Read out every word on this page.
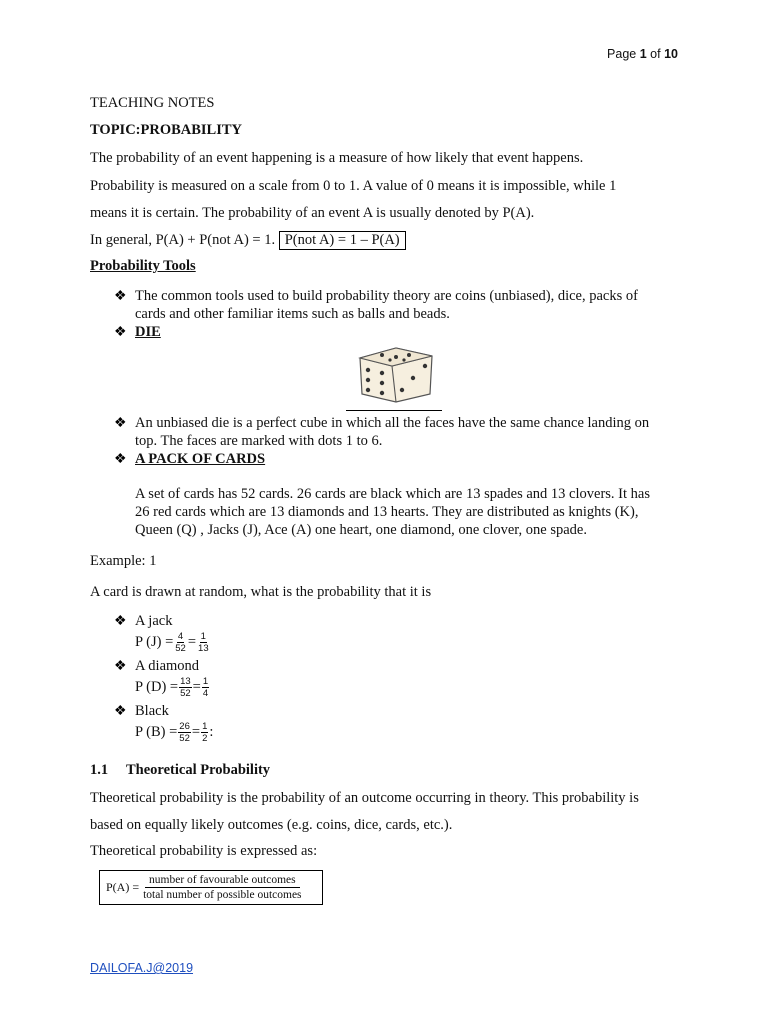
Page 1 of 10
TEACHING NOTES
TOPIC:PROBABILITY
The probability of an event happening is a measure of how likely that event happens.
Probability is measured on a scale from 0 to 1. A value of 0 means it is impossible, while 1
means it is certain. The probability of an event A is usually denoted by P(A).
In general, P(A) + P(not A) = 1. P(not A) = 1 – P(A)
Probability Tools
❖ The common tools used to build probability theory are coins (unbiased), dice, packs of
cards and other familiar items such as balls and beads.
❖ DIE
❖ An unbiased die is a perfect cube in which all the faces have the same chance landing on
top. The faces are marked with dots 1 to 6.
❖ A PACK OF CARDS
A set of cards has 52 cards. 26 cards are black which are 13 spades and 13 clovers. It has
26 red cards which are 13 diamonds and 13 hearts. They are distributed as knights (K),
Queen (Q) , Jacks (J), Ace (A) one heart, one diamond, one clover, one spade.
Example: 1
A card is drawn at random, what is the probability that it is
❖ A jack
P $(J) = \frac{4}{52} = \frac{1}{13}$
❖ A diamond
P $(D) = \frac{13}{52} = \frac{1}{4}$
❖ Black
P $(B) = \frac{26}{52} = \frac{1}{2}$ :
1.1 Theoretical Probability
Theoretical probability is the probability of an outcome occurring in theory. This probability is
based on equally likely outcomes (e.g. coins, dice, cards, etc.).
Theoretical probability is expressed as:
$P(A) = \frac{\text{number of favourable outcomes}}{\text{total number of possible outcomes}}$
DAILOFA.J@2019
